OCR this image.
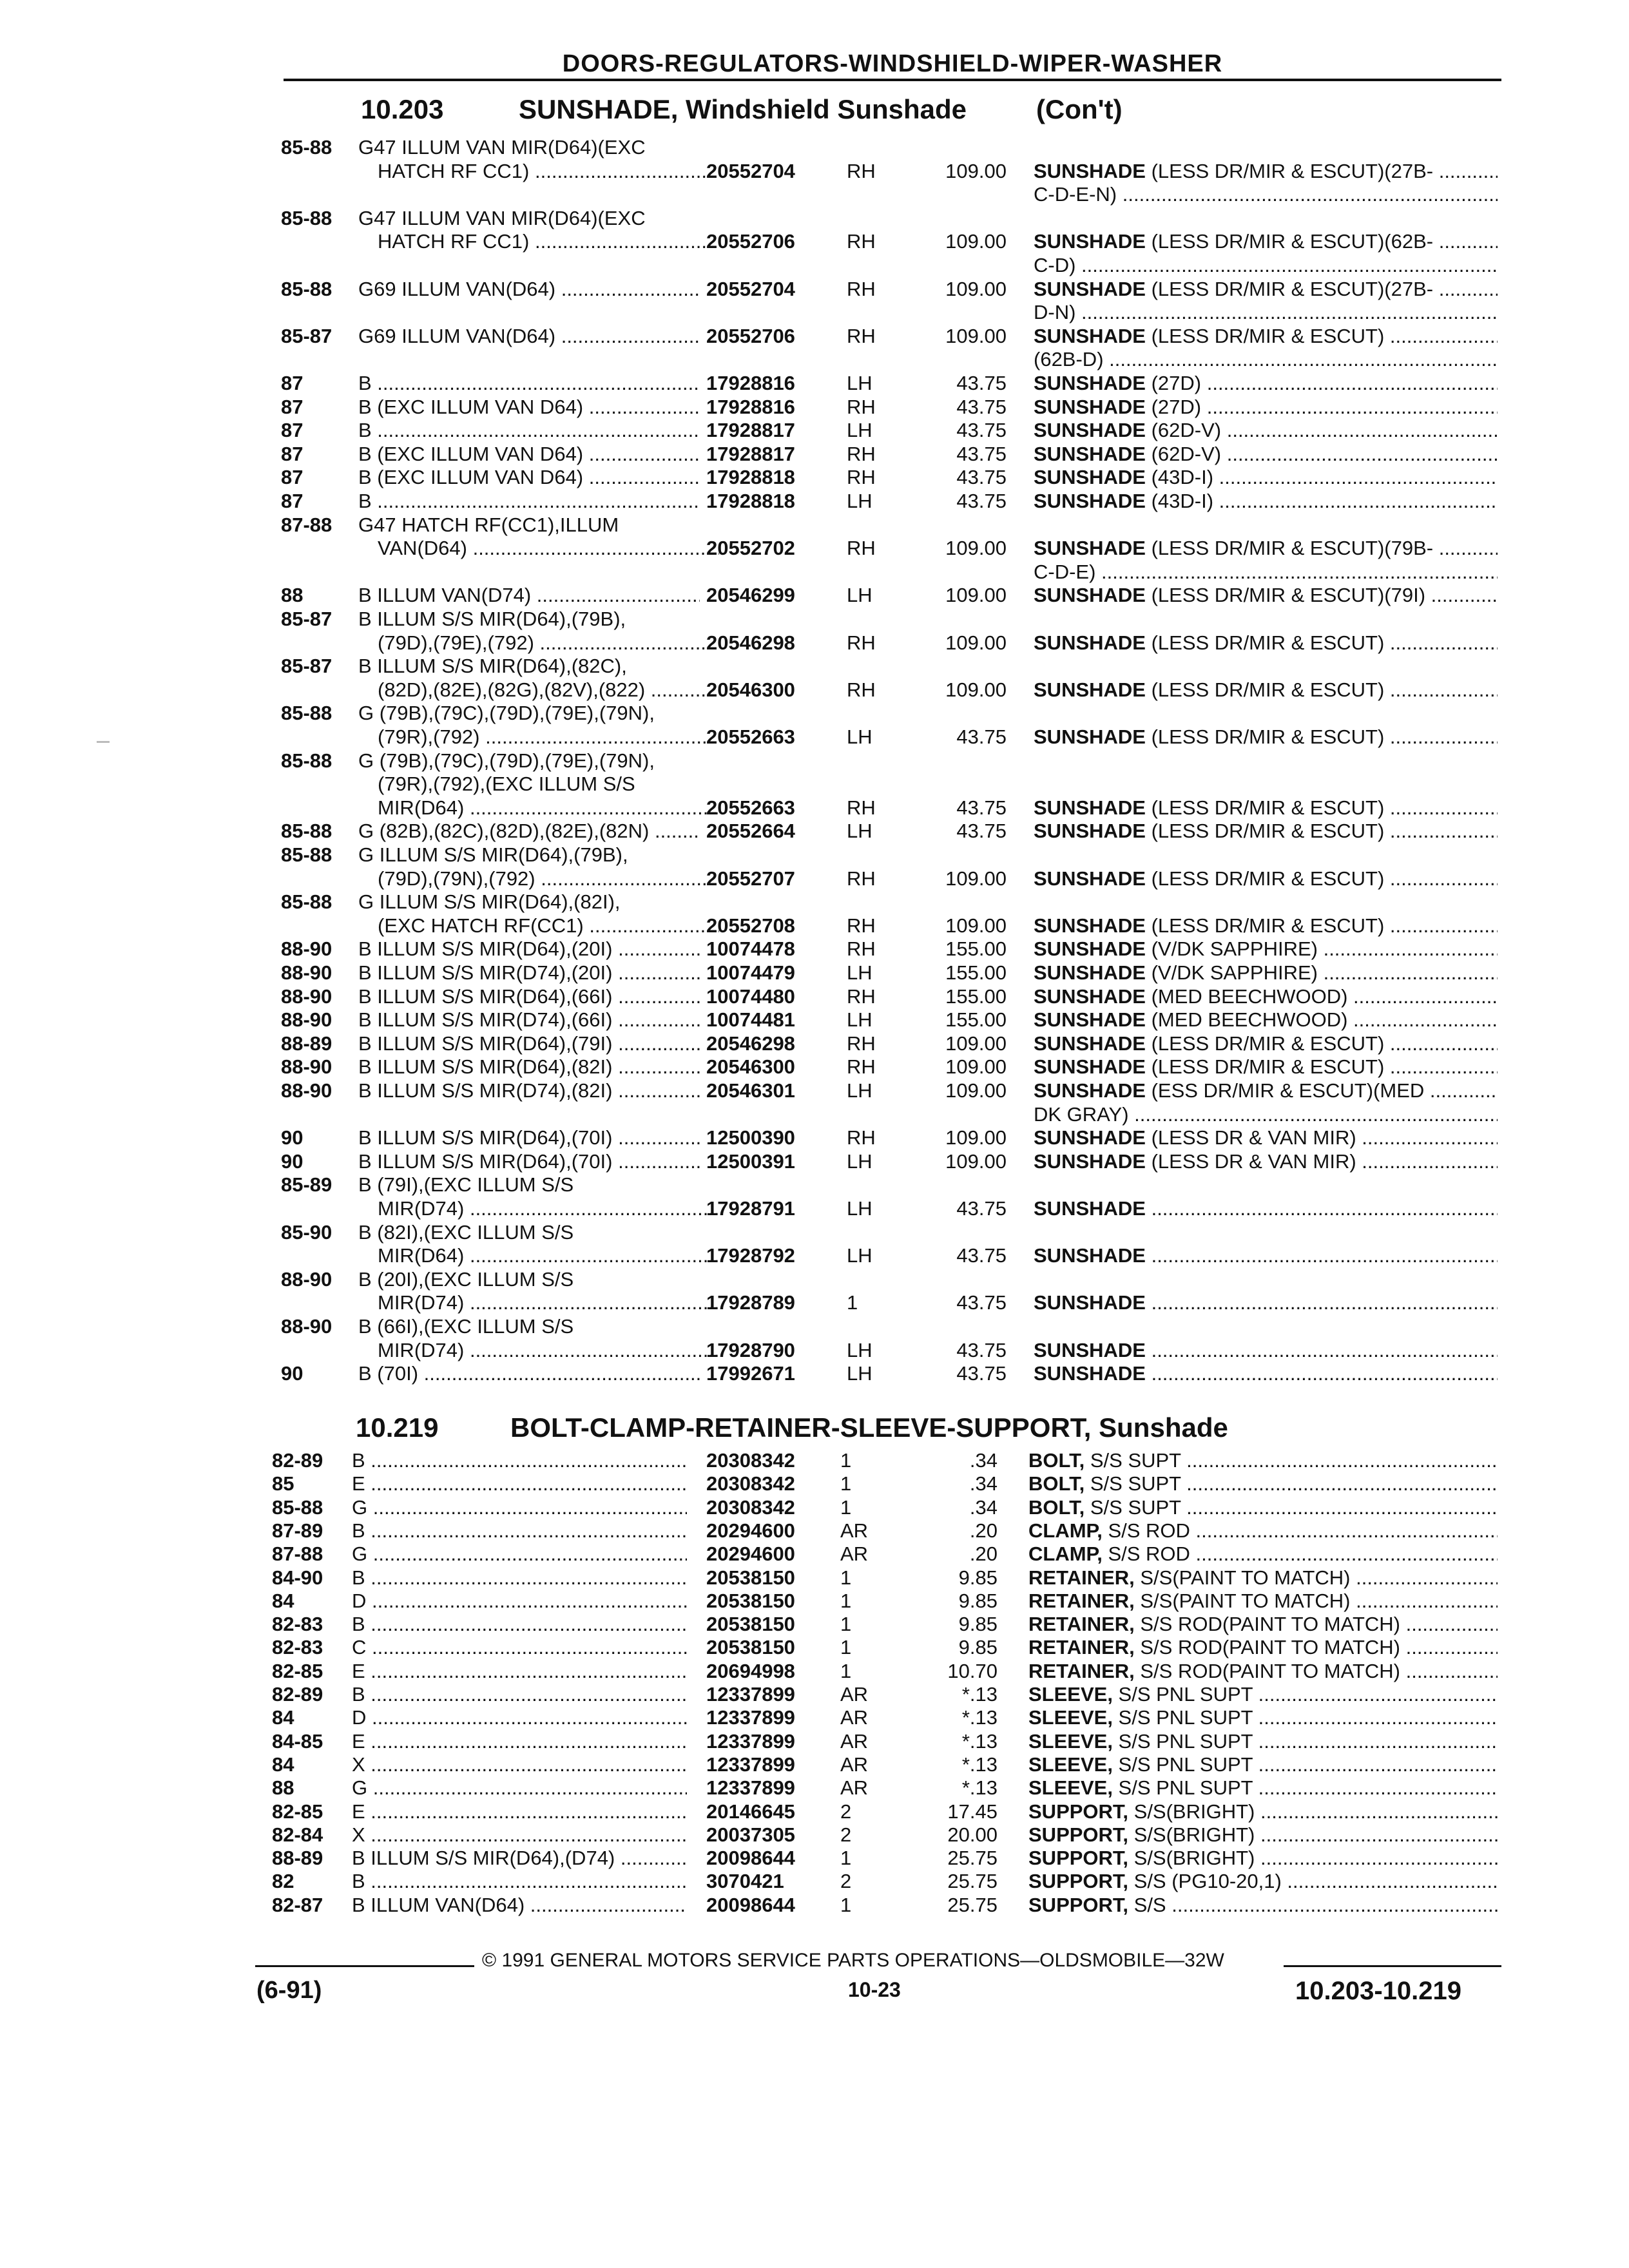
DOORS-REGULATORS-WINDSHIELD-WIPER-WASHER
10.203	SUNSHADE, Windshield Sunshade	(Con't)
85-88 G47 ILLUM VAN MIR(D64)(EXC
HATCH RF CC1) .....	20552704	RH	109.00 SUNSHADE (LESS DR/MIR & ESCUT)(27B- .....
C-D-E-N) .....
85-88 G47 ILLUM VAN MIR(D64)(EXC
HATCH RF CC1) .....	20552706	RH	109.00 SUNSHADE (LESS DR/MIR & ESCUT)(62B- .....
C-D) .....
85-88 G69 ILLUM VAN(D64) .....	20552704	RH	109.00 SUNSHADE (LESS DR/MIR & ESCUT)(27B- .....
D-N) .....
85-87 G69 ILLUM VAN(D64) .....	20552706	RH	109.00 SUNSHADE (LESS DR/MIR & ESCUT) .....
(62B-D) .....
87	B .....	17928816	LH	43.75 SUNSHADE (27D) .....
87	B (EXC ILLUM VAN D64) .....	17928816	RH	43.75 SUNSHADE (27D) .....
87	B .....	17928817	LH	43.75 SUNSHADE (62D-V) .....
87	B (EXC ILLUM VAN D64) .....	17928817	RH	43.75 SUNSHADE (62D-V) .....
87	B (EXC ILLUM VAN D64) .....	17928818	RH	43.75 SUNSHADE (43D-I) .....
87	B .....	17928818	LH	43.75 SUNSHADE (43D-I) .....
87-88 G47 HATCH RF(CC1),ILLUM
VAN(D64) .....	20552702	RH	109.00 SUNSHADE (LESS DR/MIR & ESCUT)(79B- .....
C-D-E) .....
88	B ILLUM VAN(D74) .....	20546299	LH	109.00 SUNSHADE (LESS DR/MIR & ESCUT)(79I) .....
85-87 B ILLUM S/S MIR(D64),(79B),
(79D),(79E),(792) .....	20546298	RH	109.00 SUNSHADE (LESS DR/MIR & ESCUT) .....
85-87 B ILLUM S/S MIR(D64),(82C),
(82D),(82E),(82G),(82V),(822) .....	20546300	RH	109.00 SUNSHADE (LESS DR/MIR & ESCUT) .....
85-88 G (79B),(79C),(79D),(79E),(79N),
(79R),(792) .....	20552663	LH	43.75 SUNSHADE (LESS DR/MIR & ESCUT) .....
85-88 G (79B),(79C),(79D),(79E),(79N),
(79R),(792),(EXC ILLUM S/S
MIR(D64) .....	20552663	RH	43.75 SUNSHADE (LESS DR/MIR & ESCUT) .....
85-88 G (82B),(82C),(82D),(82E),(82N) .....	20552664	LH	43.75 SUNSHADE (LESS DR/MIR & ESCUT) .....
85-88 G ILLUM S/S MIR(D64),(79B),
(79D),(79N),(792) .....	20552707	RH	109.00 SUNSHADE (LESS DR/MIR & ESCUT) .....
85-88 G ILLUM S/S MIR(D64),(82I),
(EXC HATCH RF(CC1) .....	20552708	RH	109.00 SUNSHADE (LESS DR/MIR & ESCUT) .....
88-90 B ILLUM S/S MIR(D64),(20I) .....	10074478	RH	155.00 SUNSHADE (V/DK SAPPHIRE) .....
88-90 B ILLUM S/S MIR(D74),(20I) .....	10074479	LH	155.00 SUNSHADE (V/DK SAPPHIRE) .....
88-90 B ILLUM S/S MIR(D64),(66I) .....	10074480	RH	155.00 SUNSHADE (MED BEECHWOOD) .....
88-90 B ILLUM S/S MIR(D74),(66I) .....	10074481	LH	155.00 SUNSHADE (MED BEECHWOOD) .....
88-89 B ILLUM S/S MIR(D64),(79I) .....	20546298	RH	109.00 SUNSHADE (LESS DR/MIR & ESCUT) .....
88-90 B ILLUM S/S MIR(D64),(82I) .....	20546300	RH	109.00 SUNSHADE (LESS DR/MIR & ESCUT) .....
88-90 B ILLUM S/S MIR(D74),(82I) .....	20546301	LH	109.00 SUNSHADE (ESS DR/MIR & ESCUT)(MED .....
DK GRAY) .....
90	B ILLUM S/S MIR(D64),(70I) .....	12500390	RH	109.00 SUNSHADE (LESS DR & VAN MIR) .....
90	B ILLUM S/S MIR(D64),(70I) .....	12500391	LH	109.00 SUNSHADE (LESS DR & VAN MIR) .....
85-89 B (79I),(EXC ILLUM S/S
MIR(D74) .....	17928791	LH	43.75 SUNSHADE .....
85-90 B (82I),(EXC ILLUM S/S
MIR(D64) .....	17928792	LH	43.75 SUNSHADE .....
88-90 B (20I),(EXC ILLUM S/S
MIR(D74) .....	17928789	1	43.75 SUNSHADE .....
88-90 B (66I),(EXC ILLUM S/S
MIR(D74) .....	17928790	LH	43.75 SUNSHADE .....
90	B (70I) .....	17992671	LH	43.75 SUNSHADE .....
10.219	BOLT-CLAMP-RETAINER-SLEEVE-SUPPORT, Sunshade
82-89 B .....	20308342 1	.34 BOLT, S/S SUPT .....
85	E .....	20308342 1	.34 BOLT, S/S SUPT .....
85-88 G .....	20308342 1	.34 BOLT, S/S SUPT .....
87-89 B .....	20294600 AR	.20 CLAMP, S/S ROD .....
87-88 G .....	20294600 AR	.20 CLAMP, S/S ROD .....
84-90 B .....	20538150 1	9.85 RETAINER, S/S(PAINT TO MATCH) .....
84	D .....	20538150 1	9.85 RETAINER, S/S(PAINT TO MATCH) .....
82-83 B .....	20538150 1	9.85 RETAINER, S/S ROD(PAINT TO MATCH) .....
82-83 C .....	20538150 1	9.85 RETAINER, S/S ROD(PAINT TO MATCH) .....
82-85 E .....	20694998 1	10.70 RETAINER, S/S ROD(PAINT TO MATCH) .....
82-89 B .....	12337899 AR	*.13 SLEEVE, S/S PNL SUPT .....
84	D .....	12337899 AR	*.13 SLEEVE, S/S PNL SUPT .....
84-85 E .....	12337899 AR	*.13 SLEEVE, S/S PNL SUPT .....
84	X .....	12337899 AR	*.13 SLEEVE, S/S PNL SUPT .....
88	G .....	12337899 AR	*.13 SLEEVE, S/S PNL SUPT .....
82-85 E .....	20146645 2	17.45 SUPPORT, S/S(BRIGHT) .....
82-84 X .....	20037305 2	20.00 SUPPORT, S/S(BRIGHT) .....
88-89 B ILLUM S/S MIR(D64),(D74) .....	20098644 1	25.75 SUPPORT, S/S(BRIGHT) .....
82	B .....	3070421	2	25.75 SUPPORT, S/S (PG10-20,1) .....
82-87 B ILLUM VAN(D64) .....	20098644 1	25.75 SUPPORT, S/S .....
© 1991 GENERAL MOTORS SERVICE PARTS OPERATIONS—OLDSMOBILE—32W
(6-91)	10-23	10.203-10.219
